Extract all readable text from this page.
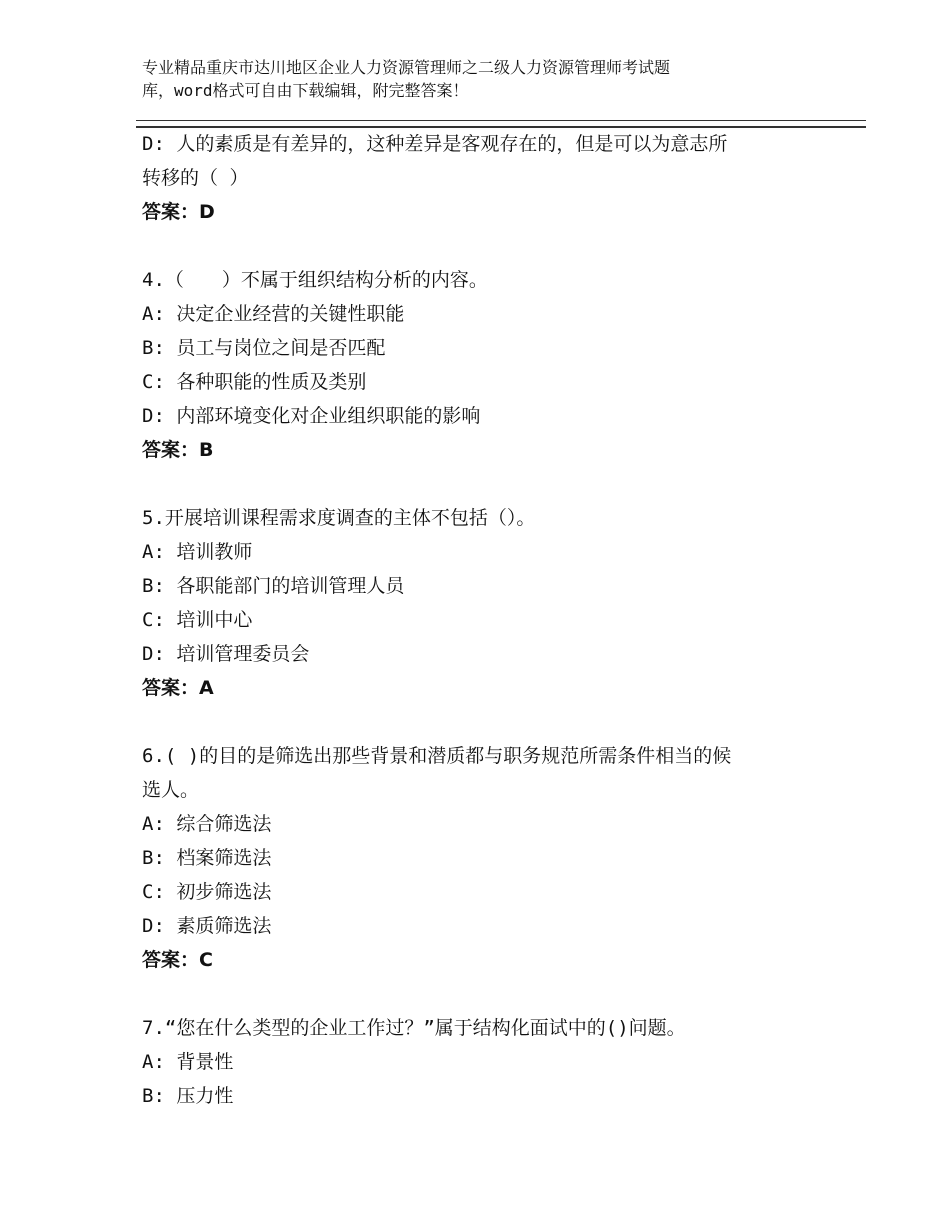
专业精品重庆市达川地区企业人力资源管理师之二级人力资源管理师考试题
库，word格式可自由下载编辑，附完整答案！
D: 人的素质是有差异的，这种差异是客观存在的，但是可以为意志所
转移的（ ）
答案：D
4.（　　）不属于组织结构分析的内容。
A: 决定企业经营的关键性职能
B: 员工与岗位之间是否匹配
C: 各种职能的性质及类别
D: 内部环境变化对企业组织职能的影响
答案：B
5.开展培训课程需求度调查的主体不包括（）。
A: 培训教师
B: 各职能部门的培训管理人员
C: 培训中心
D: 培训管理委员会
答案：A
6.( )的目的是筛选出那些背景和潜质都与职务规范所需条件相当的候
选人。
A: 综合筛选法
B: 档案筛选法
C: 初步筛选法
D: 素质筛选法
答案：C
7.“您在什么类型的企业工作过？”属于结构化面试中的()问题。
A: 背景性
B: 压力性
